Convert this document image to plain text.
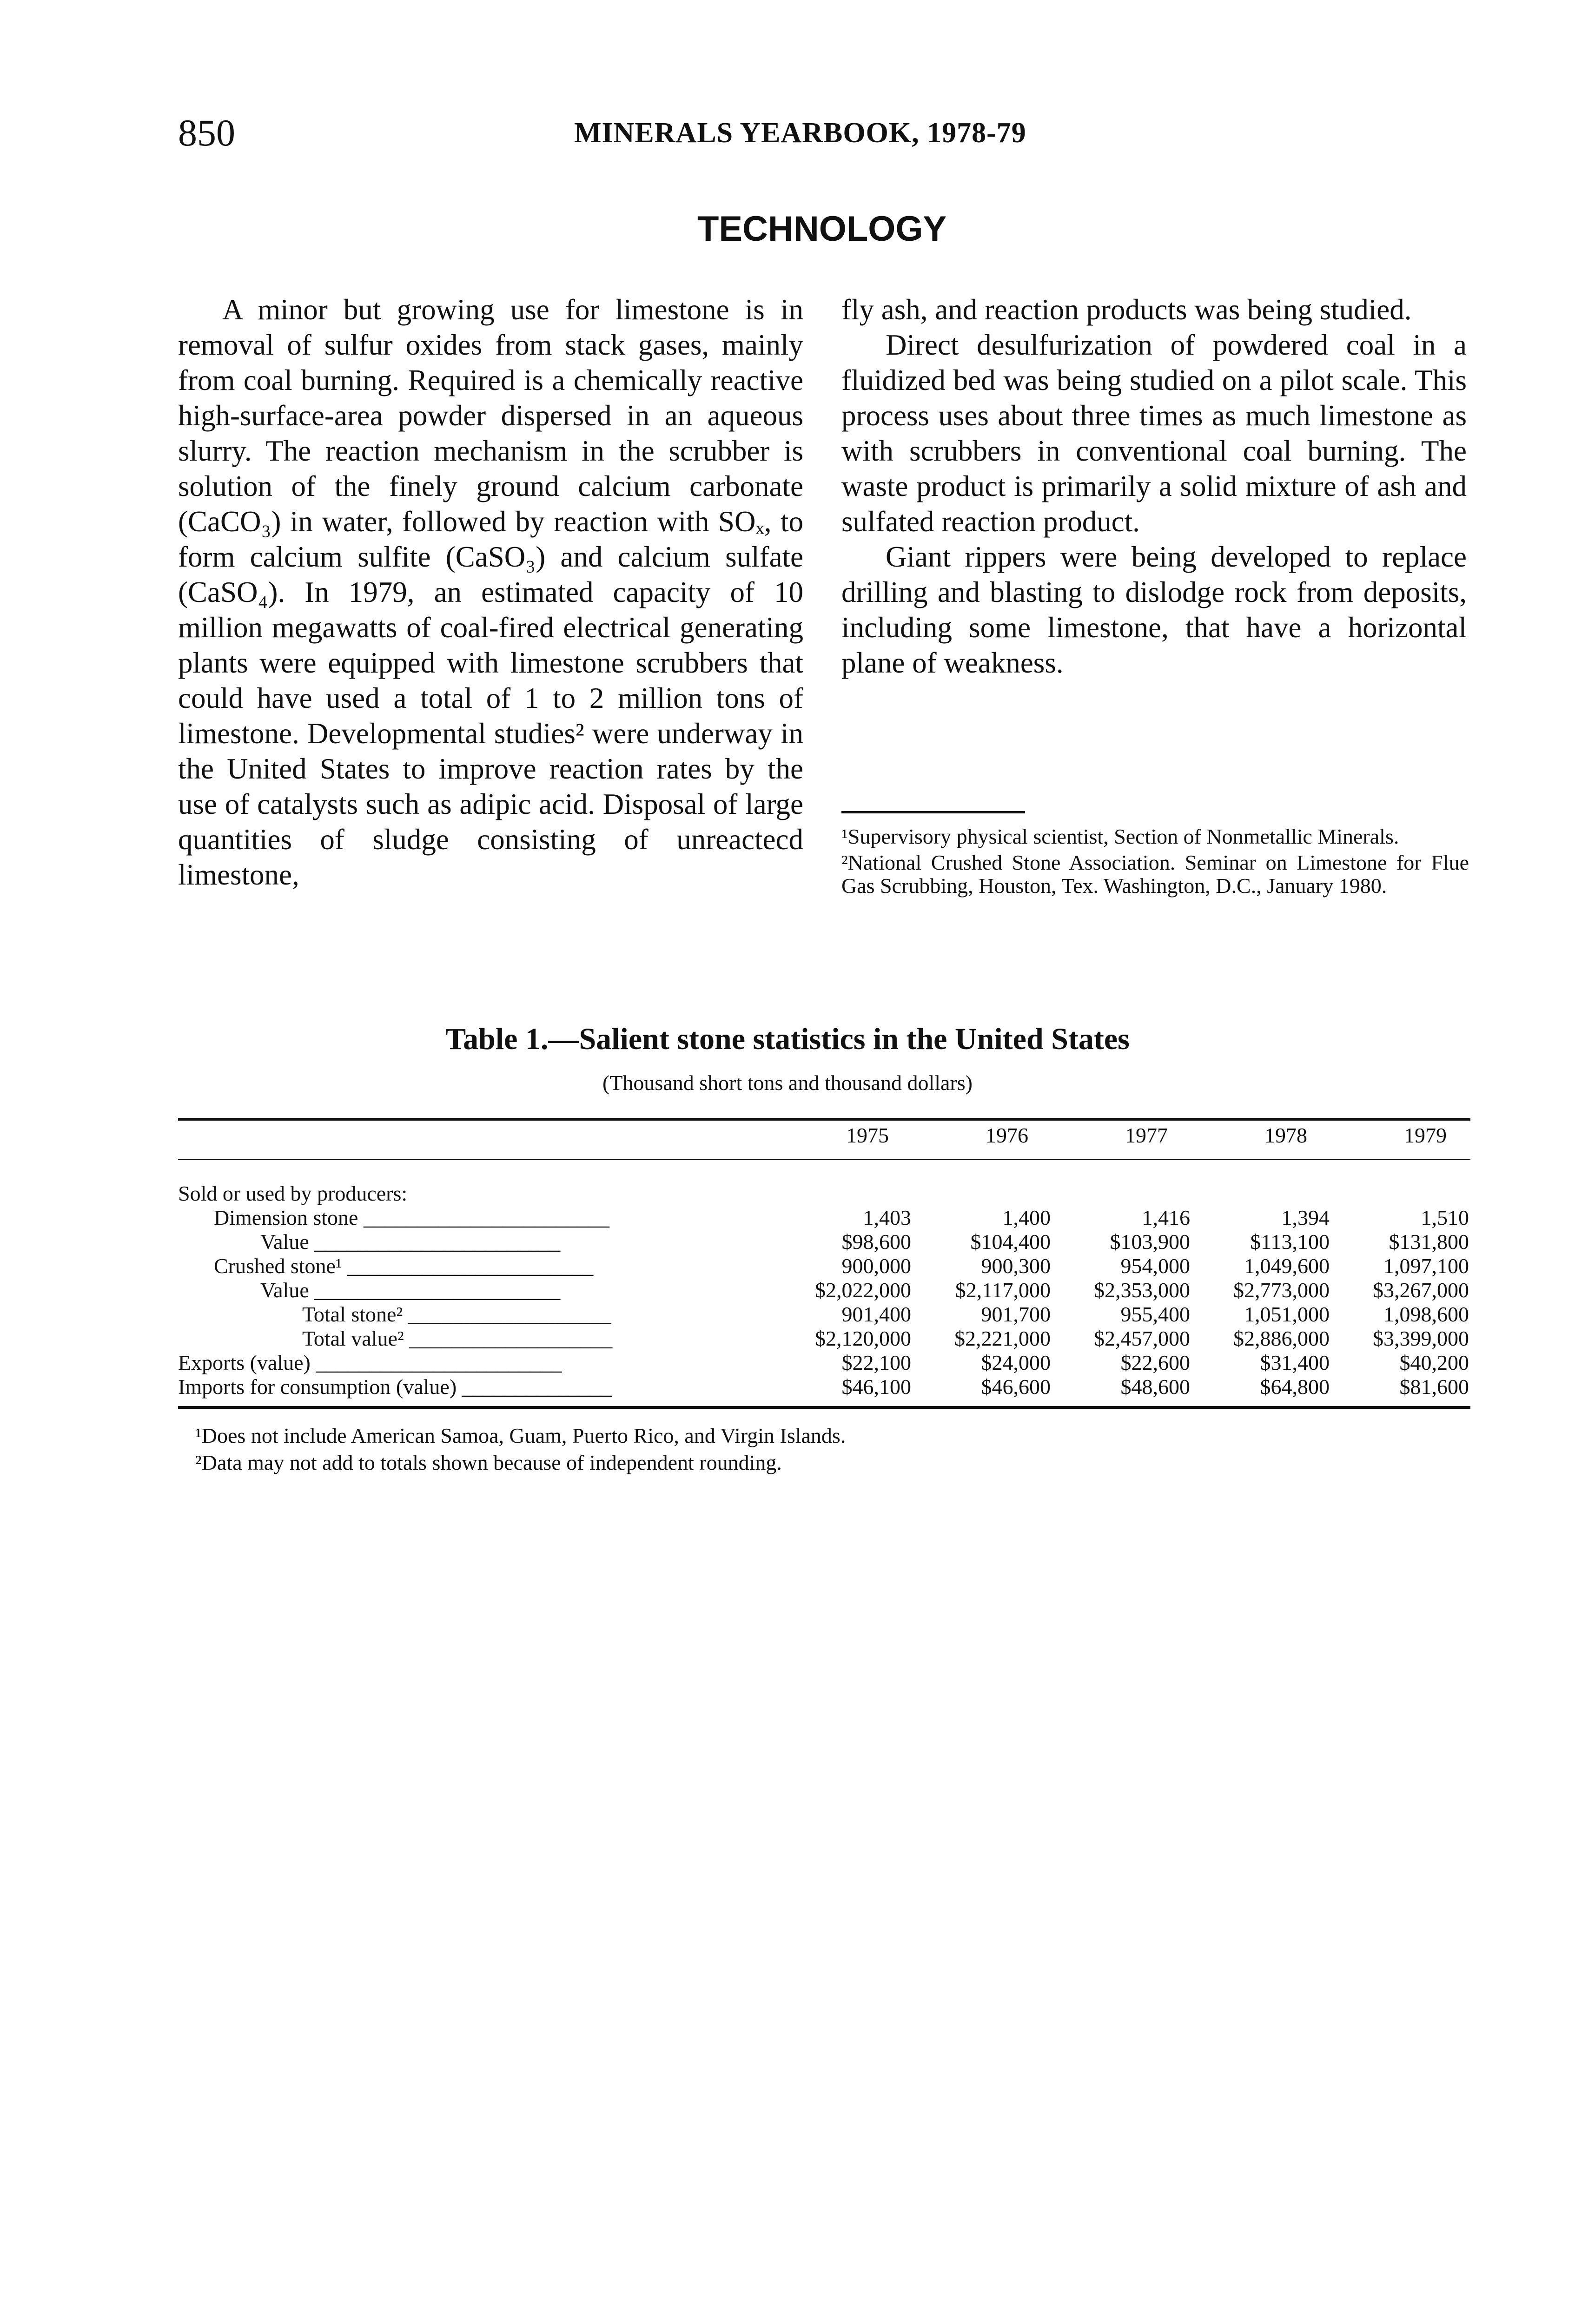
850	MINERALS YEARBOOK, 1978-79
TECHNOLOGY

A minor but growing use for limestone is in removal of sulfur oxides from stack gases, mainly from coal burning. Required is a chemically reactive high-surface-area powder dispersed in an aqueous slurry. The reaction mechanism in the scrubber is solution of the finely ground calcium carbonate (CaCO₃) in water, followed by reaction with SOₓ, to form calcium sulfite (CaSO₃) and calcium sulfate (CaSO₄). In 1979, an estimated capacity of 10 million megawatts of coal-fired electrical generating plants were equipped with limestone scrubbers that could have used a total of 1 to 2 million tons of limestone. Developmental studies² were underway in the United States to improve reaction rates by the use of catalysts such as adipic acid. Disposal of large quantities of sludge consisting of unreactecd limestone,

fly ash, and reaction products was being studied.

Direct desulfurization of powdered coal in a fluidized bed was being studied on a pilot scale. This process uses about three times as much limestone as with scrubbers in conventional coal burning. The waste product is primarily a solid mixture of ash and sulfated reaction product.

Giant rippers were being developed to replace drilling and blasting to dislodge rock from deposits, including some limestone, that have a horizontal plane of weakness.

¹Supervisory physical scientist, Section of Nonmetallic Minerals.

²National Crushed Stone Association. Seminar on Limestone for Flue Gas Scrubbing, Houston, Tex. Washington, D.C., January 1980.

Table 1.—Salient stone statistics in the United States
(Thousand short tons and thousand dollars)
1975	1976	1977	1978	1979
Sold or used by producers:
Dimension stone _______________________	1,403	1,400	1,416	1,394	1,510
Value _______________________	$98,600	$104,400	$103,900	$113,100	$131,800
Crushed stone¹ _______________________	900,000	900,300	954,000	1,049,600	1,097,100
Value _______________________	$2,022,000	$2,117,000	$2,353,000	$2,773,000	$3,267,000
Total stone² ___________________	901,400	901,700	955,400	1,051,000	1,098,600
Total value² ___________________	$2,120,000	$2,221,000	$2,457,000	$2,886,000	$3,399,000
Exports (value) _______________________	$22,100	$24,000	$22,600	$31,400	$40,200
Imports for consumption (value) ______________	$46,100	$46,600	$48,600	$64,800	$81,600

¹Does not include American Samoa, Guam, Puerto Rico, and Virgin Islands.

²Data may not add to totals shown because of independent rounding.
